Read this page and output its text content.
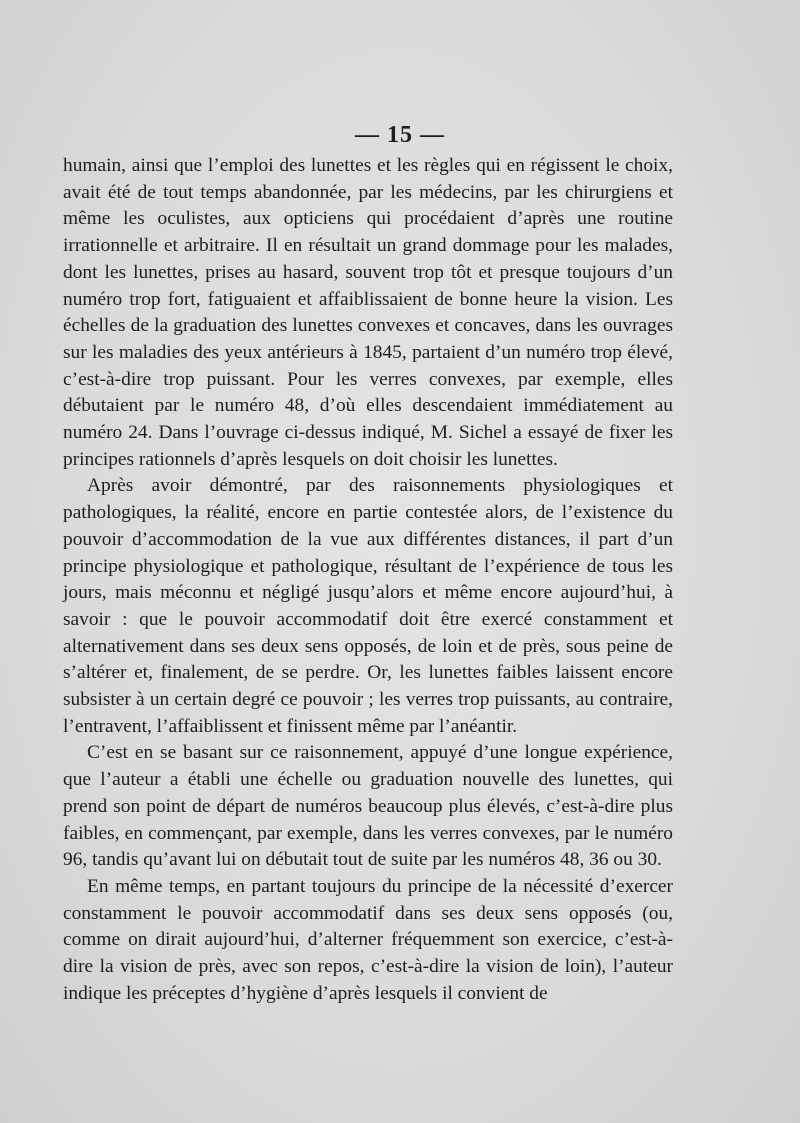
— 15 —

humain, ainsi que l’emploi des lunettes et les règles qui en régissent le choix, avait été de tout temps abandonnée, par les médecins, par les chirurgiens et même les oculistes, aux opticiens qui procédaient d’après une routine irrationnelle et arbitraire. Il en résultait un grand dommage pour les malades, dont les lunettes, prises au hasard, souvent trop tôt et presque toujours d’un numéro trop fort, fatiguaient et affaiblissaient de bonne heure la vision. Les échelles de la graduation des lunettes convexes et concaves, dans les ouvrages sur les maladies des yeux antérieurs à 1845, partaient d’un numéro trop élevé, c’est-à-dire trop puissant. Pour les verres convexes, par exemple, elles débutaient par le numéro 48, d’où elles descendaient immédiatement au numéro 24. Dans l’ouvrage ci-dessus indiqué, M. Sichel a essayé de fixer les principes rationnels d’après lesquels on doit choisir les lunettes.

Après avoir démontré, par des raisonnements physiologiques et pathologiques, la réalité, encore en partie contestée alors, de l’existence du pouvoir d’accommodation de la vue aux différentes distances, il part d’un principe physiologique et pathologique, résultant de l’expérience de tous les jours, mais méconnu et négligé jusqu’alors et même encore aujourd’hui, à savoir : que le pouvoir accommodatif doit être exercé constamment et alternativement dans ses deux sens opposés, de loin et de près, sous peine de s’altérer et, finalement, de se perdre. Or, les lunettes faibles laissent encore subsister à un certain degré ce pouvoir ; les verres trop puissants, au contraire, l’entravent, l’affaiblissent et finissent même par l’anéantir.

C’est en se basant sur ce raisonnement, appuyé d’une longue expérience, que l’auteur a établi une échelle ou graduation nouvelle des lunettes, qui prend son point de départ de numéros beaucoup plus élevés, c’est-à-dire plus faibles, en commençant, par exemple, dans les verres convexes, par le numéro 96, tandis qu’avant lui on débutait tout de suite par les numéros 48, 36 ou 30.

En même temps, en partant toujours du principe de la nécessité d’exercer constamment le pouvoir accommodatif dans ses deux sens opposés (ou, comme on dirait aujourd’hui, d’alterner fréquemment son exercice, c’est-à-dire la vision de près, avec son repos, c’est-à-dire la vision de loin), l’auteur indique les préceptes d’hygiène d’après lesquels il convient de
